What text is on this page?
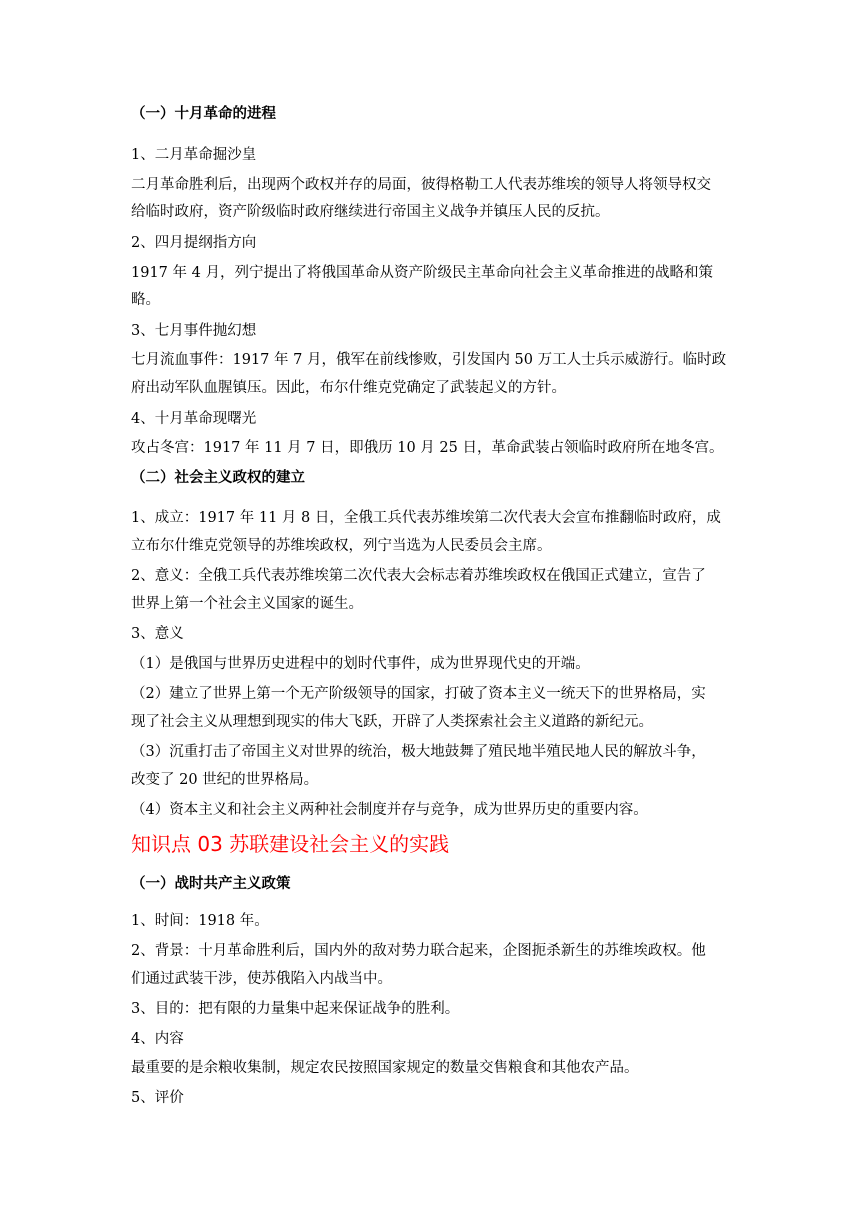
（一）十月革命的进程
1、二月革命掘沙皇
二月革命胜利后，出现两个政权并存的局面，彼得格勒工人代表苏维埃的领导人将领导权交
给临时政府，资产阶级临时政府继续进行帝国主义战争并镇压人民的反抗。
2、四月提纲指方向
1917 年 4 月，列宁提出了将俄国革命从资产阶级民主革命向社会主义革命推进的战略和策
略。
3、七月事件抛幻想
七月流血事件：1917 年 7 月，俄军在前线惨败，引发国内 50 万工人士兵示威游行。临时政
府出动军队血腥镇压。因此，布尔什维克党确定了武装起义的方针。
4、十月革命现曙光
攻占冬宫：1917 年 11 月 7 日，即俄历 10 月 25 日，革命武装占领临时政府所在地冬宫。
（二）社会主义政权的建立
1、成立：1917 年 11 月 8 日，全俄工兵代表苏维埃第二次代表大会宣布推翻临时政府，成
立布尔什维克党领导的苏维埃政权，列宁当选为人民委员会主席。
2、意义：全俄工兵代表苏维埃第二次代表大会标志着苏维埃政权在俄国正式建立，宣告了
世界上第一个社会主义国家的诞生。
3、意义
（1）是俄国与世界历史进程中的划时代事件，成为世界现代史的开端。
（2）建立了世界上第一个无产阶级领导的国家，打破了资本主义一统天下的世界格局，实
现了社会主义从理想到现实的伟大飞跃，开辟了人类探索社会主义道路的新纪元。
（3）沉重打击了帝国主义对世界的统治，极大地鼓舞了殖民地半殖民地人民的解放斗争，
改变了 20 世纪的世界格局。
（4）资本主义和社会主义两种社会制度并存与竞争，成为世界历史的重要内容。
知识点 03 苏联建设社会主义的实践
（一）战时共产主义政策
1、时间：1918 年。
2、背景：十月革命胜利后，国内外的敌对势力联合起来，企图扼杀新生的苏维埃政权。他
们通过武装干涉，使苏俄陷入内战当中。
3、目的：把有限的力量集中起来保证战争的胜利。
4、内容
最重要的是余粮收集制，规定农民按照国家规定的数量交售粮食和其他农产品。
5、评价
